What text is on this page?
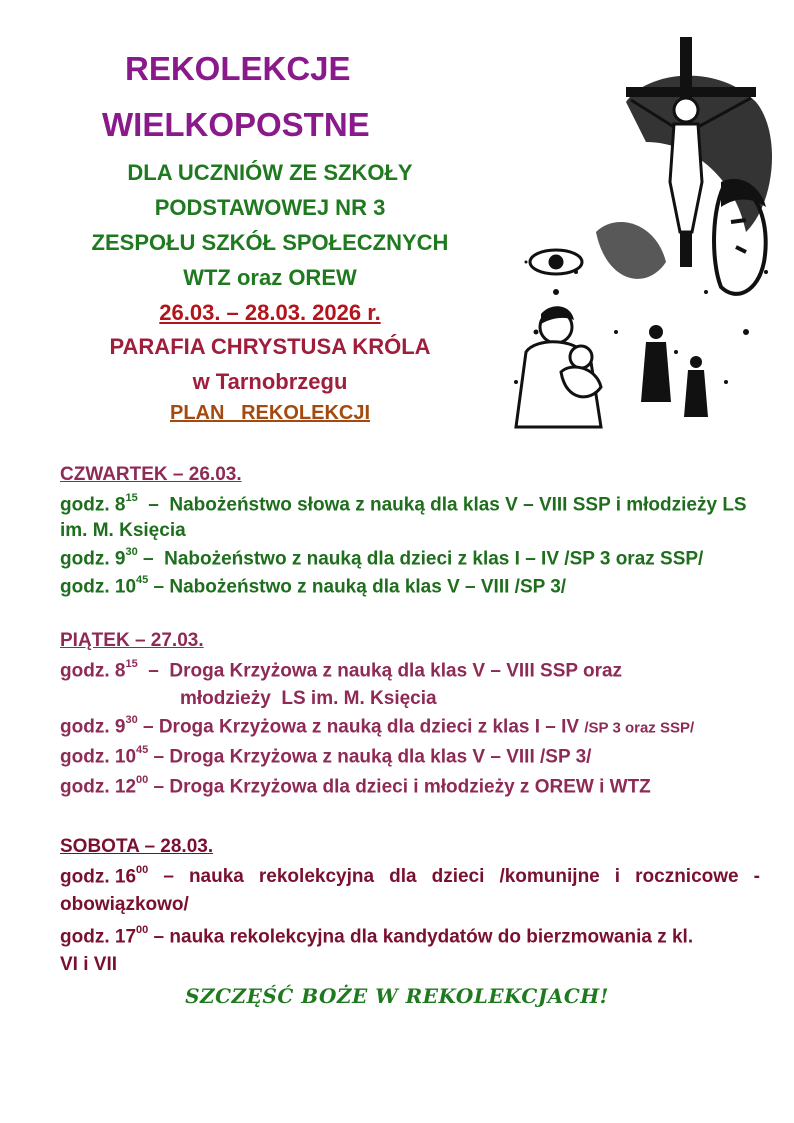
REKOLEKCJE
WIELKOPOSTNE
DLA UCZNIÓW ZE SZKOŁY
PODSTAWOWEJ NR 3
ZESPOŁU SZKÓŁ SPOŁECZNYCH
WTZ oraz OREW
26.03. – 28.03. 2026 r.
PARAFIA CHRYSTUSA KRÓLA
w Tarnobrzegu
PLAN   REKOLEKCJI
CZWARTEK – 26.03.
godz. $8^{15}$  –  Nabożeństwo słowa z nauką dla klas V – VIII SSP i młodzieży LS
im. M. Księcia
godz. $9^{30}$ –  Nabożeństwo z nauką dla dzieci z klas I – IV /SP 3 oraz SSP/
godz. $10^{45}$ – Nabożeństwo z nauką dla klas V – VIII /SP 3/
PIĄTEK – 27.03.
godz. $8^{15}$  –  Droga Krzyżowa z nauką dla klas V – VIII SSP oraz
młodzieży  LS im. M. Księcia
godz. $9^{30}$ – Droga Krzyżowa z nauką dla dzieci z klas I – IV /SP 3 oraz SSP/
godz. $10^{45}$ – Droga Krzyżowa z nauką dla klas V – VIII /SP 3/
godz. $12^{00}$ – Droga Krzyżowa dla dzieci i młodzieży z OREW i WTZ
SOBOTA – 28.03.
godz. $16^{00}$ – nauka rekolekcyjna dla dzieci /komunijne i rocznicowe -
obowiązkowo/
godz. $17^{00}$ – nauka rekolekcyjna dla kandydatów do bierzmowania z kl.
VI i VII
SZCZĘŚĆ BOŻE W REKOLEKCJACH!
